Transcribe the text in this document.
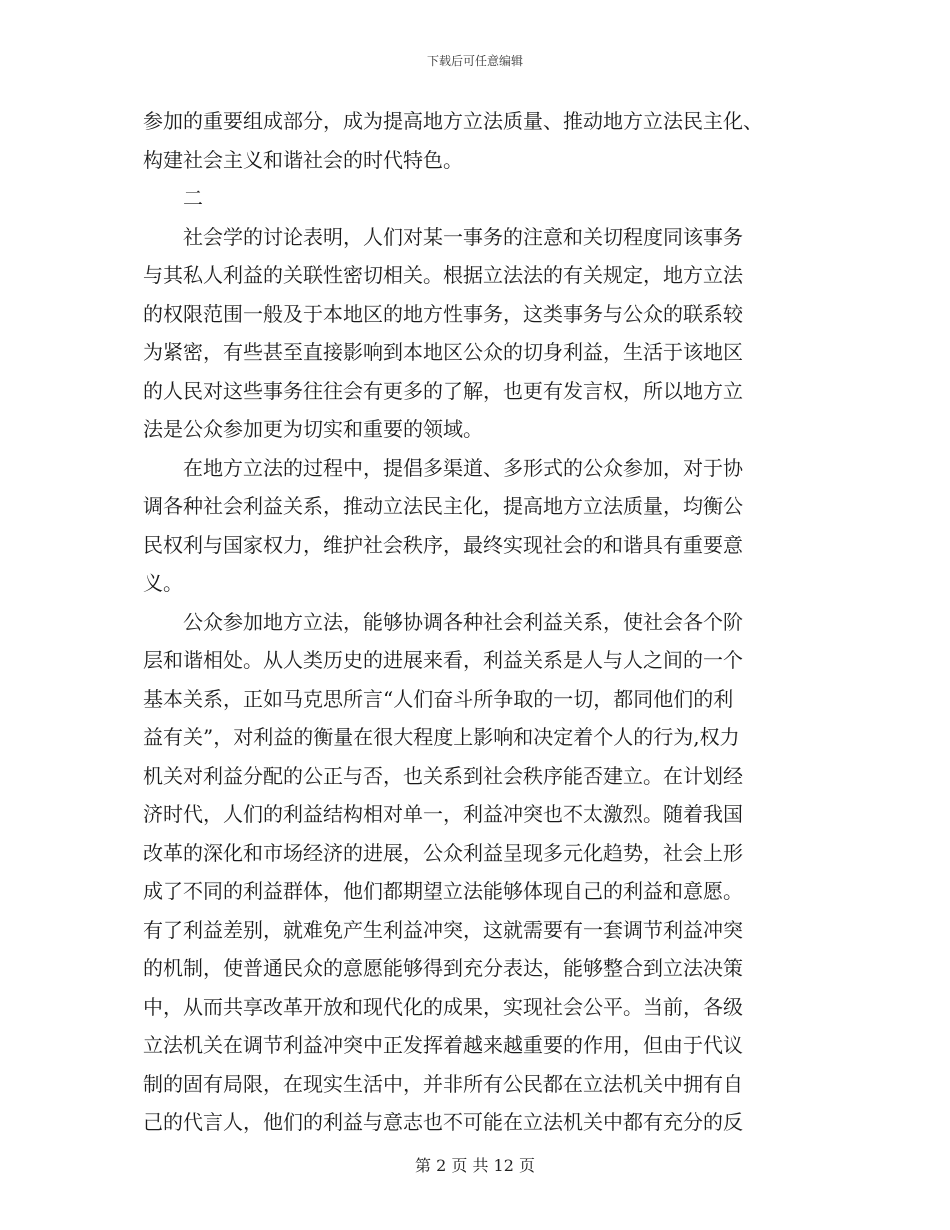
下载后可任意编辑
参加的重要组成部分，成为提高地方立法质量、推动地方立法民主化、
构建社会主义和谐社会的时代特色。
　　二
　　社会学的讨论表明，人们对某一事务的注意和关切程度同该事务
与其私人利益的关联性密切相关。根据立法法的有关规定，地方立法
的权限范围一般及于本地区的地方性事务，这类事务与公众的联系较
为紧密，有些甚至直接影响到本地区公众的切身利益，生活于该地区
的人民对这些事务往往会有更多的了解，也更有发言权，所以地方立
法是公众参加更为切实和重要的领域。
　　在地方立法的过程中，提倡多渠道、多形式的公众参加，对于协
调各种社会利益关系，推动立法民主化，提高地方立法质量，均衡公
民权利与国家权力，维护社会秩序，最终实现社会的和谐具有重要意
义。
　　公众参加地方立法，能够协调各种社会利益关系，使社会各个阶
层和谐相处。从人类历史的进展来看，利益关系是人与人之间的一个
基本关系，正如马克思所言“人们奋斗所争取的一切，都同他们的利
益有关”，对利益的衡量在很大程度上影响和决定着个人的行为,权力
机关对利益分配的公正与否，也关系到社会秩序能否建立。在计划经
济时代，人们的利益结构相对单一，利益冲突也不太激烈。随着我国
改革的深化和市场经济的进展，公众利益呈现多元化趋势，社会上形
成了不同的利益群体，他们都期望立法能够体现自己的利益和意愿。
有了利益差别，就难免产生利益冲突，这就需要有一套调节利益冲突
的机制，使普通民众的意愿能够得到充分表达，能够整合到立法决策
中，从而共享改革开放和现代化的成果，实现社会公平。当前，各级
立法机关在调节利益冲突中正发挥着越来越重要的作用，但由于代议
制的固有局限，在现实生活中，并非所有公民都在立法机关中拥有自
己的代言人，他们的利益与意志也不可能在立法机关中都有充分的反
第 2 页 共 12 页
